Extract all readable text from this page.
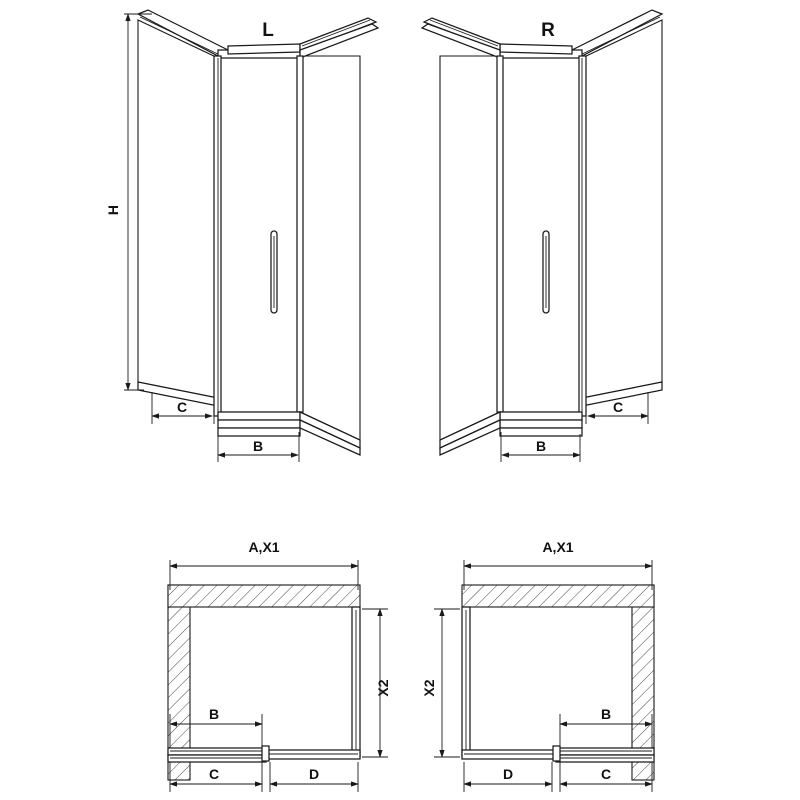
H
C
B
L
C
B
R
A,X1
X2
B
C	D
A,X1
X2
B
D	C
